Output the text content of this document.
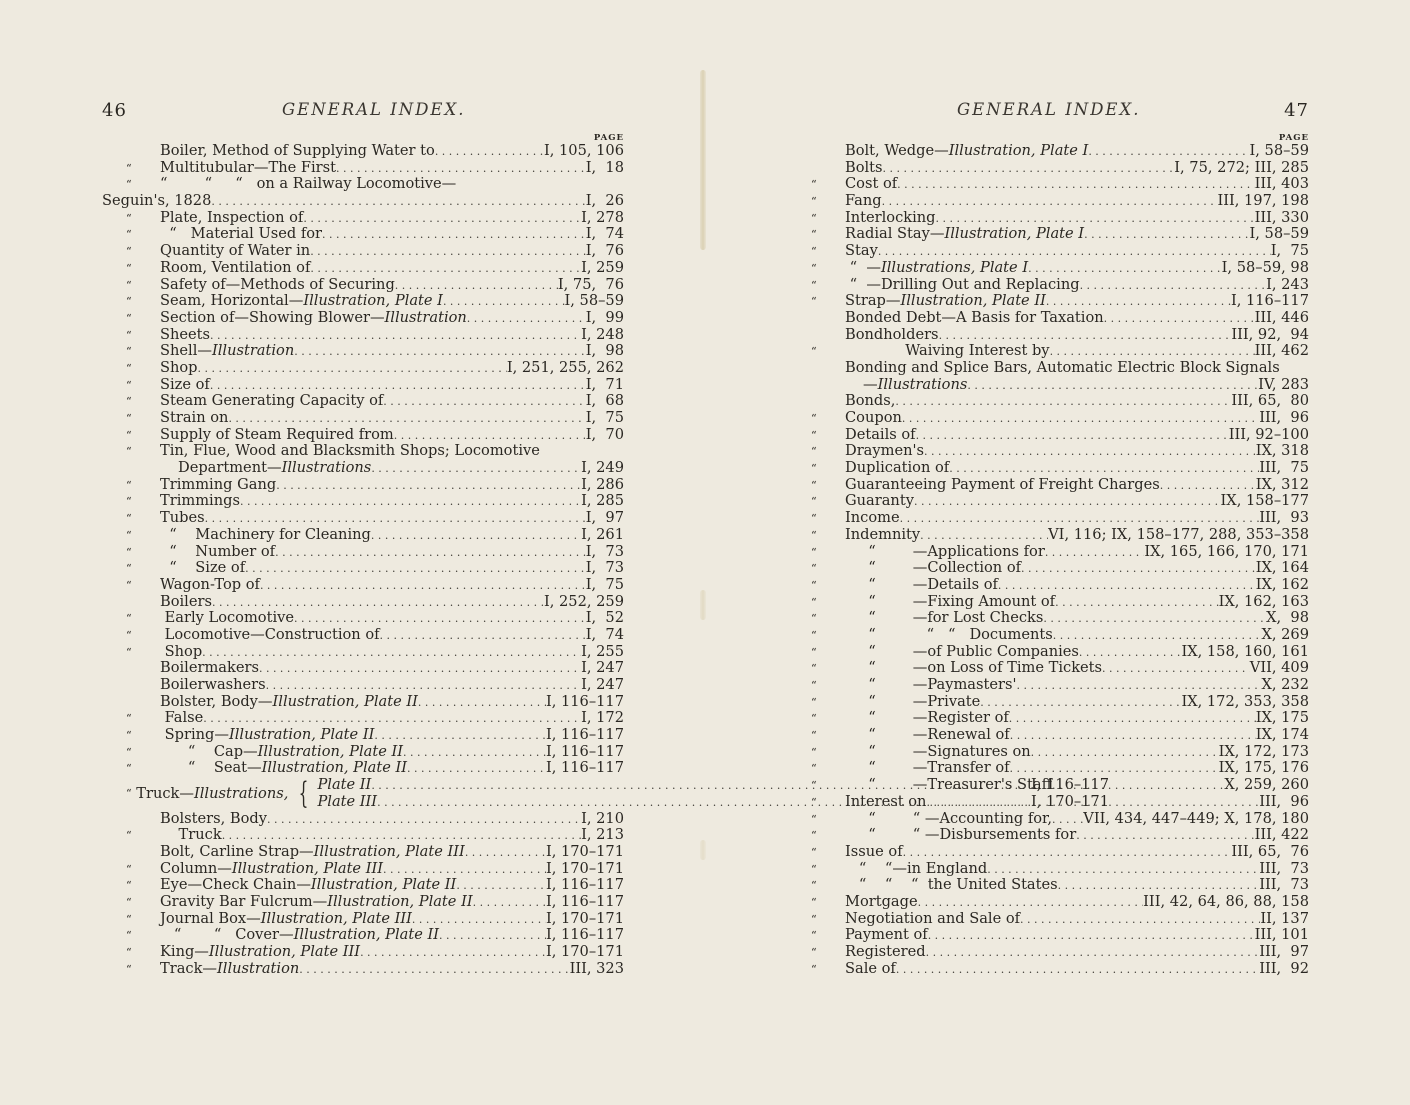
46	GENERAL INDEX.
PAGE
Boiler, Method of Supplying Water to . . .	I, 105, 106
“	Multitubular—The First . . .	I,  18
“	“        “     “   on a Railway Locomotive—
Seguin's, 1828 . . .	I,  26
“	Plate, Inspection of . . .	I, 278
“	“   Material Used for . . .	I,  74
“	Quantity of Water in . . .	I,  76
“	Room, Ventilation of . . .	I, 259
“	Safety of—Methods of Securing . . .	I, 75,  76
“	Seam, Horizontal—Illustration, Plate I . . .	I, 58–59
“	Section of—Showing Blower—Illustration . . .	I,  99
“	Sheets . . .	I, 248
“	Shell—Illustration . . .	I,  98
“	Shop . . .	I, 251, 255, 262
“	Size of . . .	I,  71
“	Steam Generating Capacity of . . .	I,  68
“	Strain on . . .	I,  75
“	Supply of Steam Required from . . .	I,  70
“	Tin, Flue, Wood and Blacksmith Shops; Locomotive
Department—Illustrations . . .	I, 249
“	Trimming Gang . . .	I, 286
“	Trimmings . . .	I, 285
“	Tubes . . .	I,  97
“	“    Machinery for Cleaning . . .	I, 261
“	“    Number of . . .	I,  73
“	“    Size of . . .	I,  73
“	Wagon-Top of . . .	I,  75
Boilers . . .	I, 252, 259
“	Early Locomotive . . .	I,  52
“	Locomotive—Construction of . . .	I,  74
“	Shop . . .	I, 255
Boilermakers . . .	I, 247
Boilerwashers . . .	I, 247
Bolster, Body—Illustration, Plate II . . .	I, 116–117
“	False . . .	I, 172
“	Spring—Illustration, Plate II . . .	I, 116–117
“	“    Cap—Illustration, Plate II . . .	I, 116–117
“	“    Seat—Illustration, Plate II . . .	I, 116–117
“ Truck— Illustrations, { Plate II . . .	I, 116–117
Plate III . . .	I, 170–171
Bolsters, Body . . .	I, 210
“	Truck . . .	I, 213
Bolt, Carline Strap—Illustration, Plate III . . .	I, 170–171
“	Column—Illustration, Plate III . . .	I, 170–171
“	Eye—Check Chain—Illustration, Plate II . . .	I, 116–117
“	Gravity Bar Fulcrum—Illustration, Plate II . . .	I, 116–117
“	Journal Box—Illustration, Plate III . . .	I, 170–171
“	“       “   Cover—Illustration, Plate II . . .	I, 116–117
“	King—Illustration, Plate III . . .	I, 170–171
“	Track—Illustration . . .	III, 323
GENERAL INDEX.	47
PAGE
Bolt, Wedge—Illustration, Plate I . . .	I, 58–59
Bolts . . .	I, 75, 272; III, 285
“	Cost of . . .	III, 403
“	Fang . . .	III, 197, 198
“	Interlocking . . .	III, 330
“	Radial Stay—Illustration, Plate I . . .	I, 58–59
“	Stay . . .	I,  75
“	“  —Illustrations, Plate I . . .	I, 58–59, 98
“	“  —Drilling Out and Replacing . . .	I, 243
“	Strap—Illustration, Plate II . . .	I, 116–117
Bonded Debt—A Basis for Taxation . . .	III, 446
Bondholders . . .	III, 92,  94
“	Waiving Interest by . . .	III, 462
Bonding and Splice Bars, Automatic Electric Block Signals
—Illustrations . . .	IV, 283
Bonds, . . .	III, 65,  80
“	Coupon . . .	III,  96
“	Details of . . .	III, 92–100
“	Draymen's . . .	IX, 318
“	Duplication of . . .	III,  75
“	Guaranteeing Payment of Freight Charges . . .	IX, 312
“	Guaranty . . .	IX, 158–177
“	Income . . .	III,  93
“	Indemnity . . .	VI, 116; IX, 158–177, 288, 353–358
“	“        —Applications for . . .	IX, 165, 166, 170, 171
“	“        —Collection of . . .	IX, 164
“	“        —Details of . . .	IX, 162
“	“        —Fixing Amount of . . .	IX, 162, 163
“	“        —for Lost Checks . . .	X,  98
“	“           “   “   Documents . . .	X, 269
“	“        —of Public Companies . . .	IX, 158, 160, 161
“	“        —on Loss of Time Tickets . . .	VII, 409
“	“        —Paymasters' . . .	X, 232
“	“        —Private . . .	IX, 172, 353, 358
“	“        —Register of . . .	IX, 175
“	“        —Renewal of . . .	IX, 174
“	“        —Signatures on . . .	IX, 172, 173
“	“        —Transfer of . . .	IX, 175, 176
“	“        —Treasurer's Staff . . .	X, 259, 260
“	Interest on . . .	III,  96
“	“        “ —Accounting for, . . . VII, 434, 447–449; X, 178, 180
“	“        “ —Disbursements for . . .	III, 422
“	Issue of . . .	III, 65,  76
“	“    “—in England . . .	III,  73
“	“    “    “  the United States . . .	III,  73
“	Mortgage . . .	III, 42, 64, 86, 88, 158
“	Negotiation and Sale of . . .	II, 137
“	Payment of . . .	III, 101
“	Registered . . .	III,  97
“	Sale of . . .	III,  92
